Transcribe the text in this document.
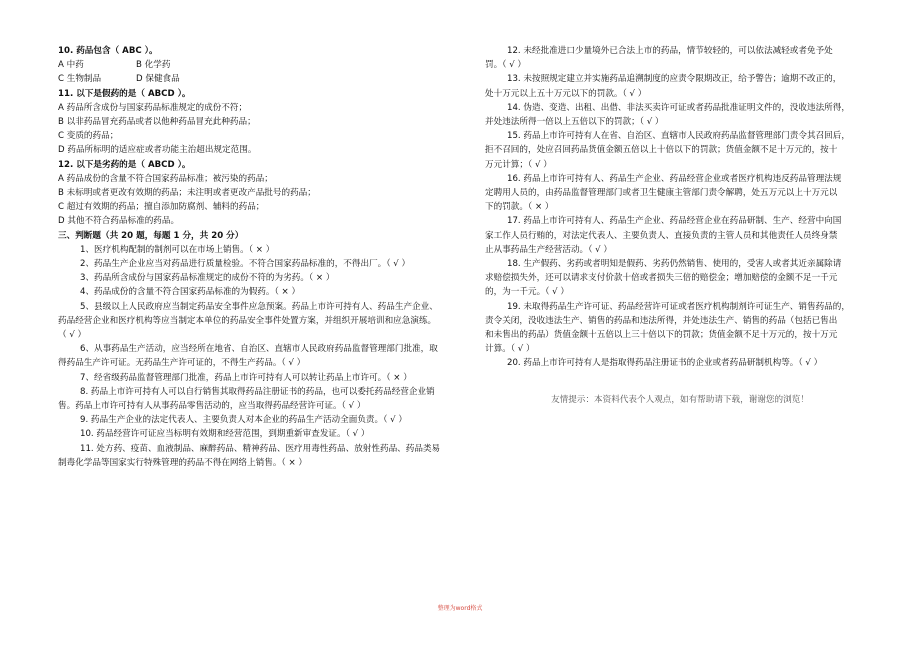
10. 药品包含（ ABC ）。
A 中药	B 化学药
C 生物制品	D 保健食品
11. 以下是假药的是（ ABCD ）。
A 药品所含成份与国家药品标准规定的成份不符；
B 以非药品冒充药品或者以他种药品冒充此种药品；
C 变质的药品；
D 药品所标明的适应症或者功能主治超出规定范围。
12. 以下是劣药的是（ ABCD ）。
A 药品成份的含量不符合国家药品标准；被污染的药品；
B 未标明或者更改有效期的药品；未注明或者更改产品批号的药品；
C 超过有效期的药品；擅自添加防腐剂、辅料的药品；
D 其他不符合药品标准的药品。
三、判断题（共 20 题，每题 1 分，共 20 分）
1、医疗机构配制的制剂可以在市场上销售。（ × ）
2、药品生产企业应当对药品进行质量检验。不符合国家药品标准的，不得出厂。（ √ ）
3、药品所含成份与国家药品标准规定的成份不符的为劣药。（ × ）
4、药品成份的含量不符合国家药品标准的为假药。（ × ）
5、县级以上人民政府应当制定药品安全事件应急预案。药品上市许可持有人、药品生产企业、
药品经营企业和医疗机构等应当制定本单位的药品安全事件处置方案，并组织开展培训和应急演练。
（ √ ）
6、从事药品生产活动，应当经所在地省、自治区、直辖市人民政府药品监督管理部门批准，取
得药品生产许可证。无药品生产许可证的，不得生产药品。（ √ ）
7、经省级药品监督管理部门批准，药品上市许可持有人可以转让药品上市许可。（ × ）
8. 药品上市许可持有人可以自行销售其取得药品注册证书的药品，也可以委托药品经营企业销
售。药品上市许可持有人从事药品零售活动的，应当取得药品经营许可证。（ √ ）
9. 药品生产企业的法定代表人、主要负责人对本企业的药品生产活动全面负责。（ √ ）
10. 药品经营许可证应当标明有效期和经营范围，到期重新审查发证。（ √ ）
11. 处方药、疫苗、血液制品、麻醉药品、精神药品、医疗用毒性药品、放射性药品、药品类易
制毒化学品等国家实行特殊管理的药品不得在网络上销售。（ × ）
12. 未经批准进口少量境外已合法上市的药品，情节较轻的，可以依法减轻或者免予处
罚。（ √ ）
13. 未按照规定建立并实施药品追溯制度的应责令限期改正，给予警告；逾期不改正的，
处十万元以上五十万元以下的罚款。（ √ ）
14. 伪造、变造、出租、出借、非法买卖许可证或者药品批准证明文件的，没收违法所得，
并处违法所得一倍以上五倍以下的罚款；（ √ ）
15. 药品上市许可持有人在省、自治区、直辖市人民政府药品监督管理部门责令其召回后，
拒不召回的，处应召回药品货值金额五倍以上十倍以下的罚款；货值金额不足十万元的，按十
万元计算；（ √ ）
16. 药品上市许可持有人、药品生产企业、药品经营企业或者医疗机构违反药品管理法规
定聘用人员的，由药品监督管理部门或者卫生健康主管部门责令解聘，处五万元以上十万元以
下的罚款。（ × ）
17. 药品上市许可持有人、药品生产企业、药品经营企业在药品研制、生产、经营中向国
家工作人员行贿的，对法定代表人、主要负责人、直接负责的主管人员和其他责任人员终身禁
止从事药品生产经营活动。（ √ ）
18. 生产假药、劣药或者明知是假药、劣药仍然销售、使用的，受害人或者其近亲属除请
求赔偿损失外，还可以请求支付价款十倍或者损失三倍的赔偿金；增加赔偿的金额不足一千元
的，为一千元。（ √ ）
19. 未取得药品生产许可证、药品经营许可证或者医疗机构制剂许可证生产、销售药品的，
责令关闭，没收违法生产、销售的药品和违法所得，并处违法生产、销售的药品（包括已售出
和未售出的药品）货值金额十五倍以上三十倍以下的罚款；货值金额不足十万元的，按十万元
计算。（ √ ）
20. 药品上市许可持有人是指取得药品注册证书的企业或者药品研制机构等。（ √ ）
友情提示：本资料代表个人观点，如有帮助请下载，谢谢您的浏览！
整理为word格式
